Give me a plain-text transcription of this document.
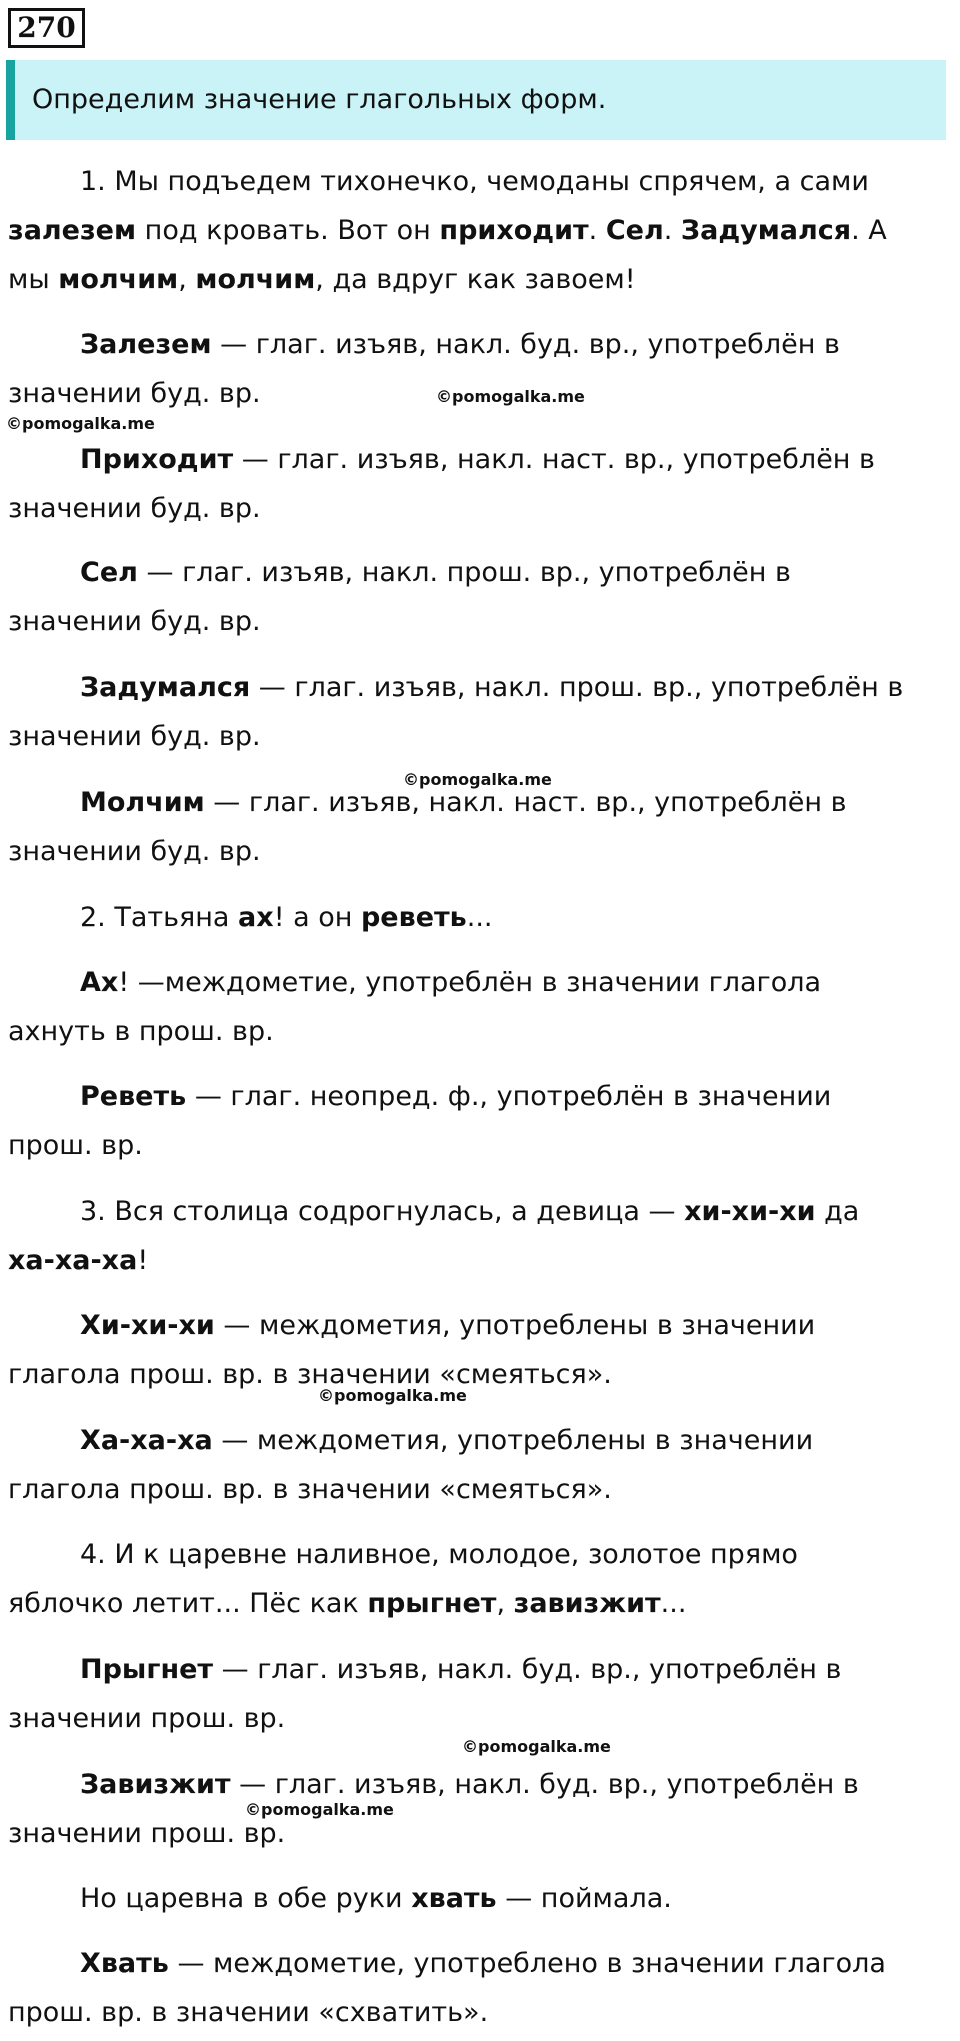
270
Определим значение глагольных форм.
1. Мы подъедем тихонечко, чемоданы спрячем, а сами
залезем под кровать. Вот он приходит. Сел. Задумался. А
мы молчим, молчим, да вдруг как завоем!
Залезем — глаг. изъяв, накл. буд. вр., употреблён в
значении буд. вр.
Приходит — глаг. изъяв, накл. наст. вр., употреблён в
значении буд. вр.
Сел — глаг. изъяв, накл. прош. вр., употреблён в
значении буд. вр.
Задумался — глаг. изъяв, накл. прош. вр., употреблён в
значении буд. вр.
Молчим — глаг. изъяв, накл. наст. вр., употреблён в
значении буд. вр.
2. Татьяна ах! а он реветь...
Ах! —междометие, употреблён в значении глагола
ахнуть в прош. вр.
Реветь — глаг. неопред. ф., употреблён в значении
прош. вр.
3. Вся столица содрогнулась, а девица — хи-хи-хи да
ха-ха-ха!
Хи-хи-хи — междометия, употреблены в значении
глагола прош. вр. в значении «смеяться».
Ха-ха-ха — междометия, употреблены в значении
глагола прош. вр. в значении «смеяться».
4. И к царевне наливное, молодое, золотое прямо
яблочко летит... Пёс как прыгнет, завизжит...
Прыгнет — глаг. изъяв, накл. буд. вр., употреблён в
значении прош. вр.
Завизжит — глаг. изъяв, накл. буд. вр., употреблён в
значении прош. вр.
Но царевна в обе руки хвать — поймала.
Хвать — междометие, употреблено в значении глагола
прош. вр. в значении «схватить».
©pomogalka.me
©pomogalka.me
©pomogalka.me
©pomogalka.me
©pomogalka.me
©pomogalka.me
